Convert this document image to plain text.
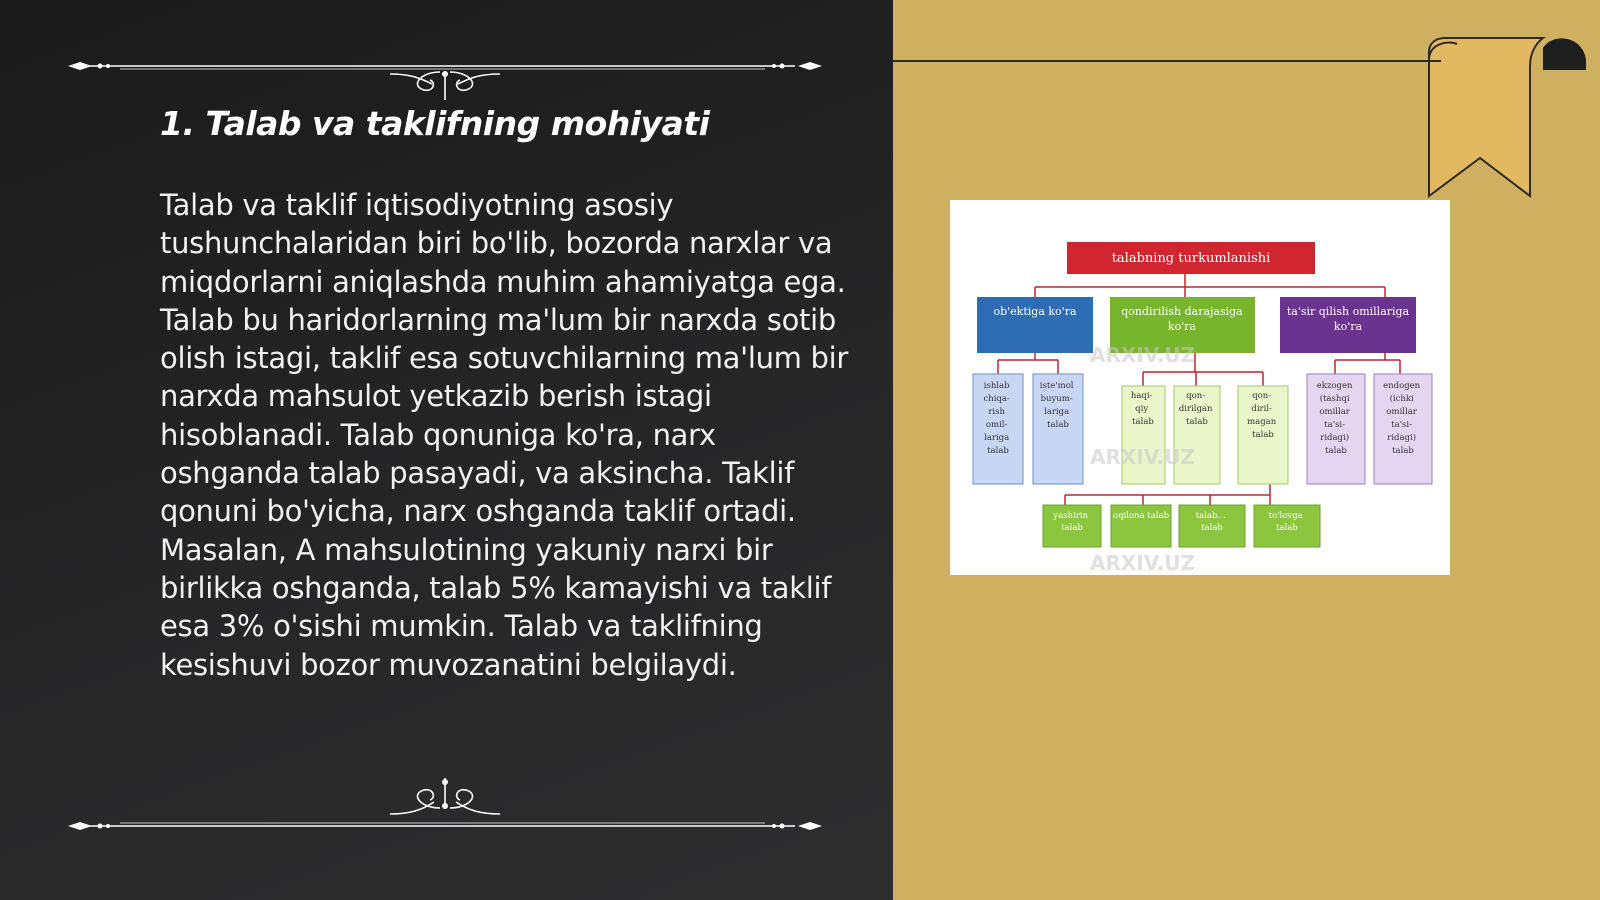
1. Talab va taklifning mohiyati

Talab va taklif iqtisodiyotning asosiy tushunchalaridan biri bo'lib, bozorda narxlar va miqdorlarni aniqlashda muhim ahamiyatga ega. Talab bu haridorlarning ma'lum bir narxda sotib olish istagi, taklif esa sotuvchilarning ma'lum bir narxda mahsulot yetkazib berish istagi hisoblanadi. Talab qonuniga ko'ra, narx oshganda talab pasayadi, va aksincha. Taklif qonuni bo'yicha, narx oshganda taklif ortadi. Masalan, A mahsulotining yakuniy narxi bir birlikka oshganda, talab 5% kamayishi va taklif esa 3% o'sishi mumkin. Talab va taklifning kesishuvi bozor muvozanatini belgilaydi.

talabning turkumlanishi
ob'ektiga ko'ra	qondirilish darajasiga
ko'ra
ta'sir qilish omillariga
ko'ra
ishlab chiqa- rish omil- lariga talab
iste'mol buyum- lariga talab
haqi- qiy talab
qon- dirilgan talab
qon- diril- magan talab
ekzogen (tashqi omillar ta'si- ridagi) talab
endogen (ichki omillar ta'si- ridagi) talab
yashirin talab
oqilona talab	talab... talab
to'lovga talab
ARXIV.UZ
ARXIV.UZ
ARXIV.UZ
